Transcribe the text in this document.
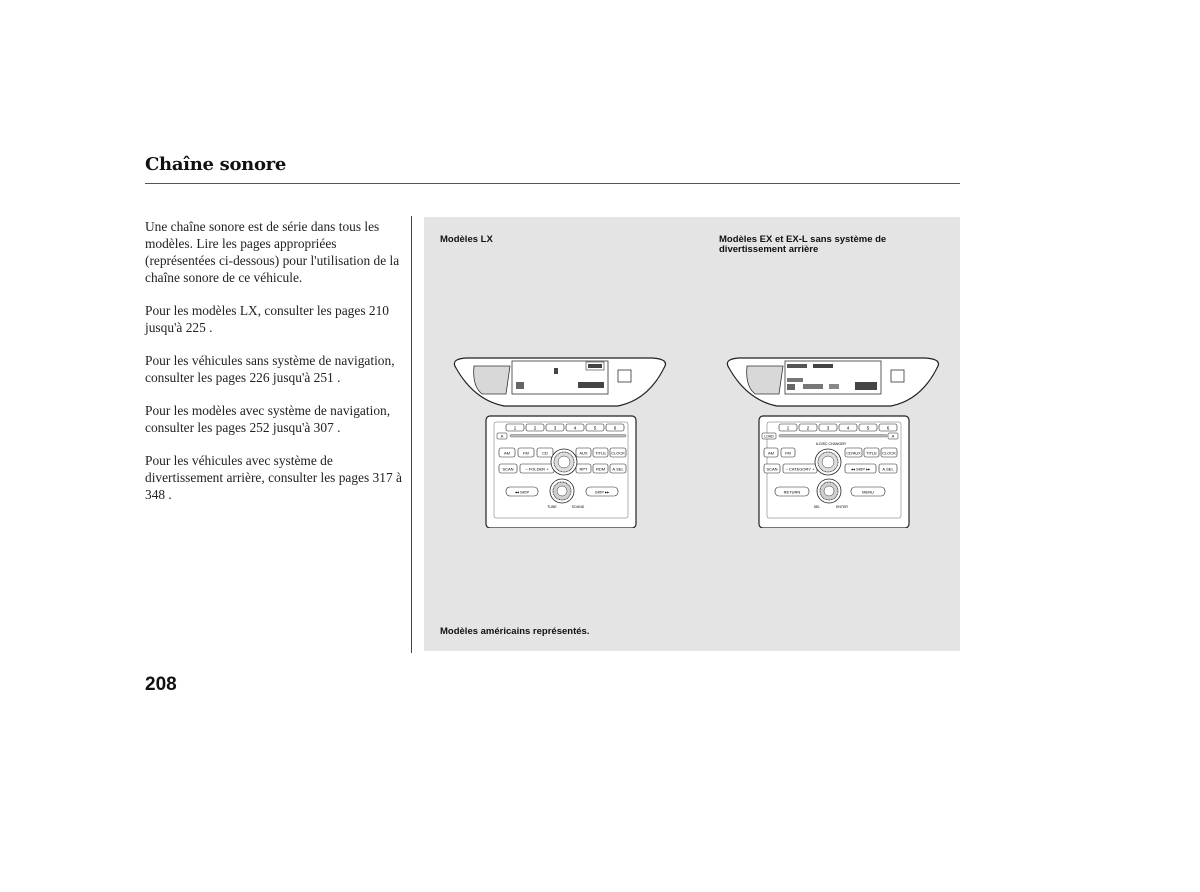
Chaîne sonore

Une chaîne sonore est de série dans tous les modèles. Lire les pages appropriées (représentées ci-dessous) pour l'utilisation de la chaîne sonore de ce véhicule.

Pour les modèles LX, consulter les pages 210 jusqu'à 225 .

Pour les véhicules sans système de navigation, consulter les pages 226 jusqu'à 251 .

Pour les modèles avec système de navigation, consulter les pages 252 jusqu'à 307 .

Pour les véhicules avec système de divertissement arrière, consulter les pages 317 à 348 .

Modèles LX	Modèles EX et EX-L sans système de divertissement arrière
1	2	3	4	5	6
A
AM	FM	CD	AUX TITLE CLOCK
SCAN	– FOLDER +	RPT RDM A.SEL
◂◂ SKIP	SKIP ▸▸
TUNE	SOUND
1	2	3	4	5	6
LOAD	A
6-DISC CHANGER
AM	FM	CD/AUX TITLE CLOCK
SCAN – CATEGORY +	◂◂ SKIP ▸▸	A.SEL
RETURN	MENU
SEL	ENTER
Modèles américains représentés.
208
